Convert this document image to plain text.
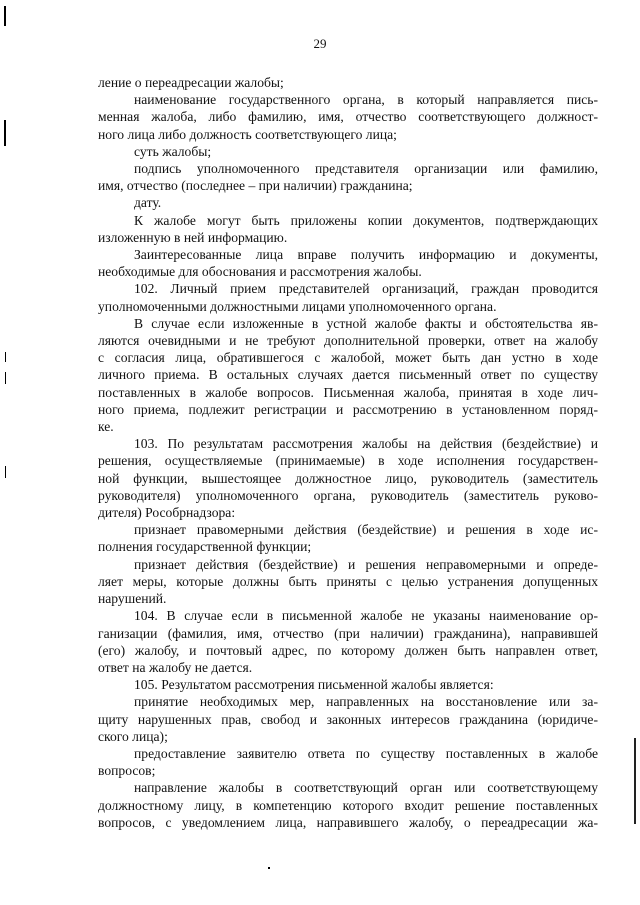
29
ление о переадресации жалобы;
наименование государственного органа, в который направляется пись-
менная жалоба, либо фамилию, имя, отчество соответствующего должност-
ного лица либо должность соответствующего лица;
суть жалобы;
подпись уполномоченного представителя организации или фамилию,
имя, отчество (последнее – при наличии) гражданина;
дату.
К жалобе могут быть приложены копии документов, подтверждающих
изложенную в ней информацию.
Заинтересованные лица вправе получить информацию и документы,
необходимые для обоснования и рассмотрения жалобы.
102. Личный прием представителей организаций, граждан проводится
уполномоченными должностными лицами уполномоченного органа.
В случае если изложенные в устной жалобе факты и обстоятельства яв-
ляются очевидными и не требуют дополнительной проверки, ответ на жалобу
с согласия лица, обратившегося с жалобой, может быть дан устно в ходе
личного приема. В остальных случаях дается письменный ответ по существу
поставленных в жалобе вопросов. Письменная жалоба, принятая в ходе лич-
ного приема, подлежит регистрации и рассмотрению в установленном поряд-
ке.
103. По результатам рассмотрения жалобы на действия (бездействие) и
решения, осуществляемые (принимаемые) в ходе исполнения государствен-
ной функции, вышестоящее должностное лицо, руководитель (заместитель
руководителя) уполномоченного органа, руководитель (заместитель руково-
дителя) Рособрнадзора:
признает правомерными действия (бездействие) и решения в ходе ис-
полнения государственной функции;
признает действия (бездействие) и решения неправомерными и опреде-
ляет меры, которые должны быть приняты с целью устранения допущенных
нарушений.
104. В случае если в письменной жалобе не указаны наименование ор-
ганизации (фамилия, имя, отчество (при наличии) гражданина), направившей
(его) жалобу, и почтовый адрес, по которому должен быть направлен ответ,
ответ на жалобу не дается.
105. Результатом рассмотрения письменной жалобы является:
принятие необходимых мер, направленных на восстановление или за-
щиту нарушенных прав, свобод и законных интересов гражданина (юридиче-
ского лица);
предоставление заявителю ответа по существу поставленных в жалобе
вопросов;
направление жалобы в соответствующий орган или соответствующему
должностному лицу, в компетенцию которого входит решение поставленных
вопросов, с уведомлением лица, направившего жалобу, о переадресации жа-
